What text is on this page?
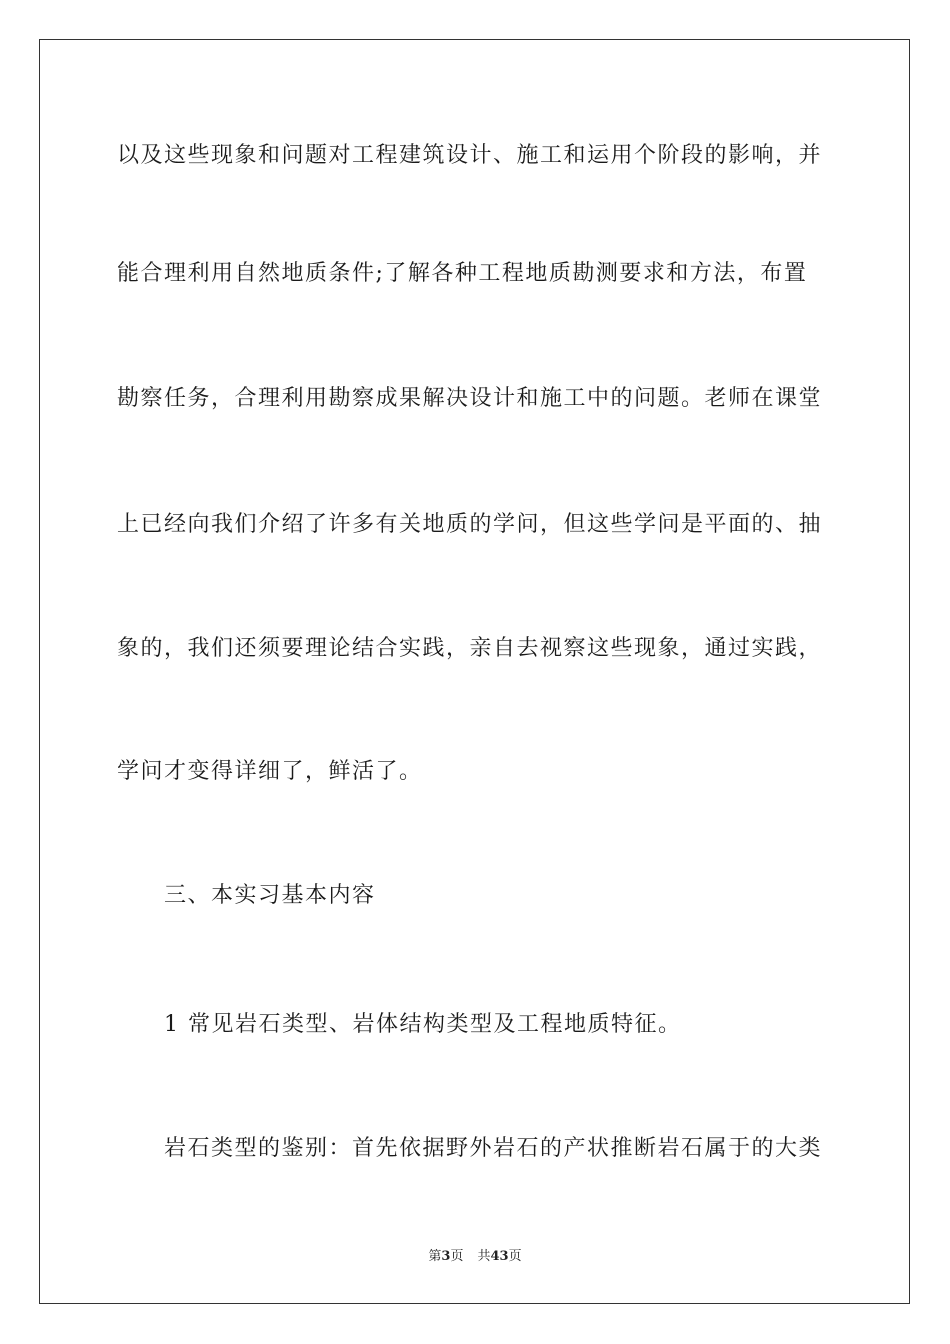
以及这些现象和问题对工程建筑设计、施工和运用个阶段的影响，并
能合理利用自然地质条件;了解各种工程地质勘测要求和方法，布置
勘察任务，合理利用勘察成果解决设计和施工中的问题。老师在课堂
上已经向我们介绍了许多有关地质的学问，但这些学问是平面的、抽
象的，我们还须要理论结合实践，亲自去视察这些现象，通过实践，
学问才变得详细了，鲜活了。
三、本实习基本内容
1 常见岩石类型、岩体结构类型及工程地质特征。
岩石类型的鉴别：首先依据野外岩石的产状推断岩石属于的大类
第3页 共43页
